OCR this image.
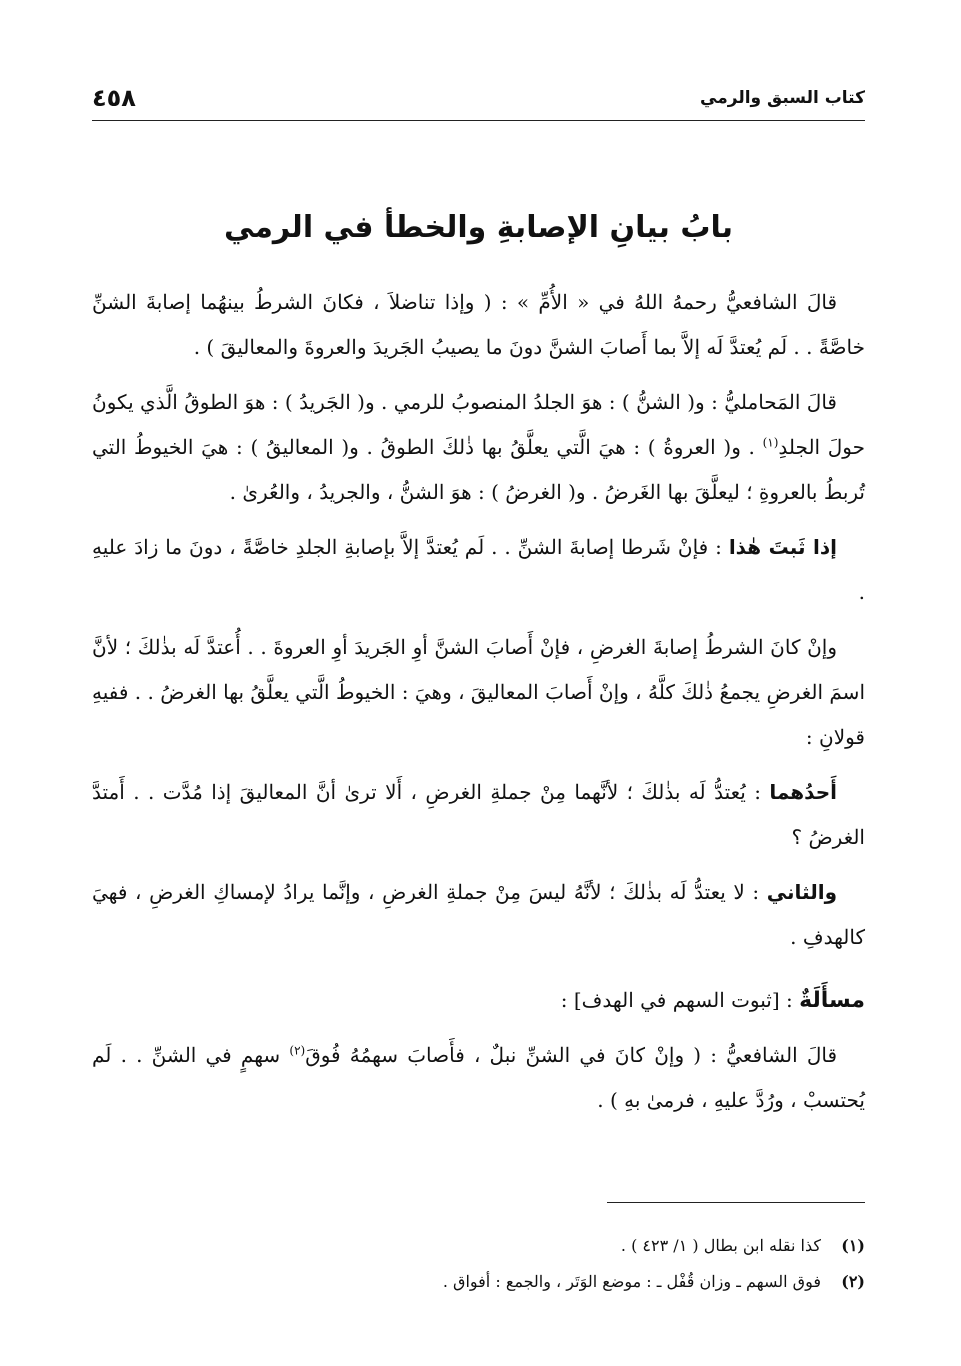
كتاب السبق والرمي
٤٥٨
بابُ بيانِ الإصابةِ والخطأ في الرمي

قالَ الشافعيُّ رحمهُ اللهُ في « الأُمِّ » : ( وإذا تناضلاَ ، فكانَ الشرطُ بينهُما إصابةَ الشنِّ خاصَّةً . . لَم يُعتدَّ لَه إلاَّ بما أَصابَ الشنَّ دونَ ما يصيبُ الجَريدَ والعروةَ والمعاليقَ ) .

قالَ المَحامليُّ : و( الشنُّ ) : هوَ الجلدُ المنصوبُ للرمي . و( الجَريدُ ) : هوَ الطوقُ الَّذي يكونُ حولَ الجلدِ$^{(١)}$ . و( العروةُ ) : هيَ الَّتي يعلَّقُ بها ذٰلكَ الطوقُ . و( المعاليقُ ) : هيَ الخيوطُ التي تُربطُ بالعروةِ ؛ ليعلَّقَ بها الغَرضُ . و( الغرضُ ) : هوَ الشنُّ ، والجريدُ ، والعُرىٰ .

إذا ثَبتَ هٰذا : فإنْ شَرطا إصابةَ الشنِّ . . لَم يُعتدَّ إلاَّ بإصابةِ الجلدِ خاصَّةً ، دونَ ما زادَ عليهِ .

وإنْ كانَ الشرطُ إصابةَ الغرضِ ، فإنْ أَصابَ الشنَّ أوِ الجَريدَ أوِ العروةَ . . أُعتدَّ لَه بذٰلكَ ؛ لأنَّ اسمَ الغرضِ يجمعُ ذٰلكَ كلَّهُ ، وإنْ أَصابَ المعاليقَ ، وهيَ : الخيوطُ الَّتي يعلَّقُ بها الغرضُ . . ففيهِ قولانِ :

أَحدُهما : يُعتدُّ لَه بذٰلكَ ؛ لأنَّهما مِنْ جملةِ الغرضِ ، أَلا ترىٰ أنَّ المعاليقَ إذا مُدَّت . . أَمتدَّ الغرضُ ؟

والثاني : لا يعتدُّ لَه بذٰلكَ ؛ لأنَّهُ ليسَ مِنْ جملةِ الغرضِ ، وإنَّما يرادُ لإمساكِ الغرضِ ، فهيَ كالهدفِ .

مسأَلَةٌ : [ثبوت السهم في الهدف] :

قالَ الشافعيُّ : ( وإنْ كانَ في الشنِّ نبلٌ ، فأَصابَ سهمُهُ فُوقَ$^{(٢)}$ سهمٍ في الشنِّ . . لَم يُحتسبْ ، ورُدَّ عليهِ ، فرمىٰ بهِ ) .

(١)
كذا نقله ابن بطال ( ١/ ٤٢٣ ) .
(٢)
فوق السهم ـ وزان قُفْل ـ : موضع الوَتَر ، والجمع : أفواق .
